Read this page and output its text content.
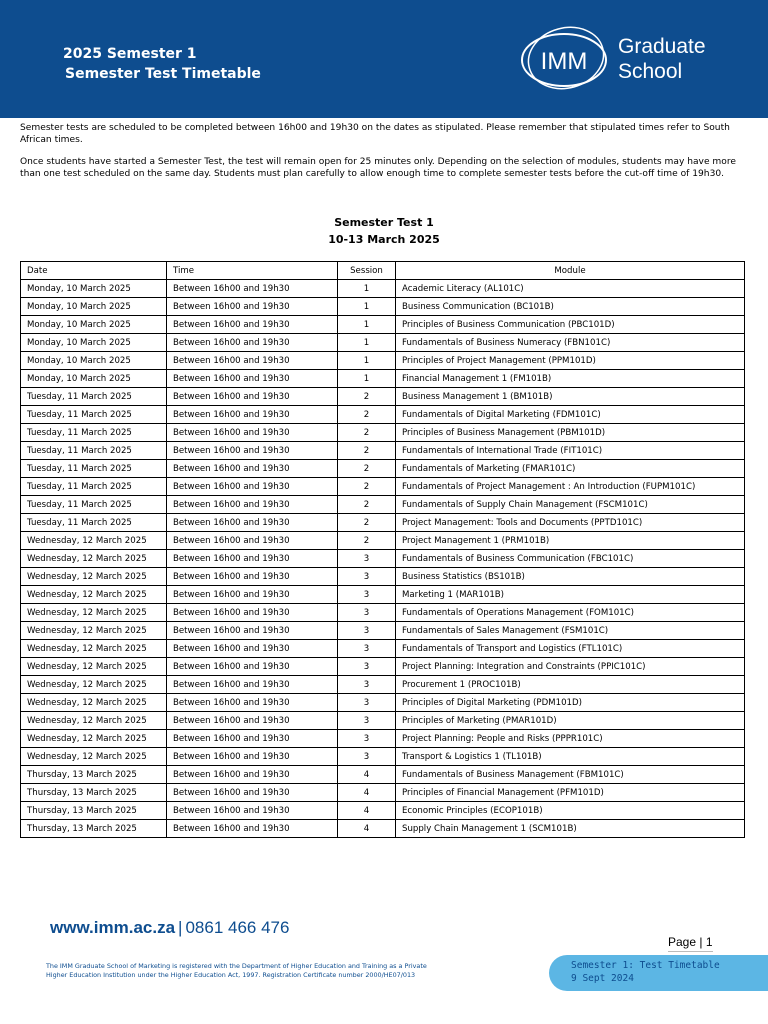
2025 Semester 1
Semester Test Timetable	IMM
Graduate
School

Semester tests are scheduled to be completed between 16h00 and 19h30 on the dates as stipulated. Please remember that stipulated times refer to South African times.

Once students have started a Semester Test, the test will remain open for 25 minutes only. Depending on the selection of modules, students may have more than one test scheduled on the same day. Students must plan carefully to allow enough time to complete semester tests before the cut-off time of 19h30.

Semester Test 1
10-13 March 2025
Date	Time	Session	Module
Monday, 10 March 2025	Between 16h00 and 19h30	1	Academic Literacy (AL101C)
Monday, 10 March 2025	Between 16h00 and 19h30	1	Business Communication (BC101B)
Monday, 10 March 2025	Between 16h00 and 19h30	1	Principles of Business Communication (PBC101D)
Monday, 10 March 2025	Between 16h00 and 19h30	1	Fundamentals of Business Numeracy (FBN101C)
Monday, 10 March 2025	Between 16h00 and 19h30	1	Principles of Project Management (PPM101D)
Monday, 10 March 2025	Between 16h00 and 19h30	1	Financial Management 1 (FM101B)
Tuesday, 11 March 2025	Between 16h00 and 19h30	2	Business Management 1 (BM101B)
Tuesday, 11 March 2025	Between 16h00 and 19h30	2	Fundamentals of Digital Marketing (FDM101C)
Tuesday, 11 March 2025	Between 16h00 and 19h30	2	Principles of Business Management (PBM101D)
Tuesday, 11 March 2025	Between 16h00 and 19h30	2	Fundamentals of International Trade (FIT101C)
Tuesday, 11 March 2025	Between 16h00 and 19h30	2	Fundamentals of Marketing (FMAR101C)
Tuesday, 11 March 2025	Between 16h00 and 19h30	2	Fundamentals of Project Management : An Introduction (FUPM101C)
Tuesday, 11 March 2025	Between 16h00 and 19h30	2	Fundamentals of Supply Chain Management (FSCM101C)
Tuesday, 11 March 2025	Between 16h00 and 19h30	2	Project Management: Tools and Documents (PPTD101C)
Wednesday, 12 March 2025	Between 16h00 and 19h30	2	Project Management 1 (PRM101B)
Wednesday, 12 March 2025	Between 16h00 and 19h30	3	Fundamentals of Business Communication (FBC101C)
Wednesday, 12 March 2025	Between 16h00 and 19h30	3	Business Statistics (BS101B)
Wednesday, 12 March 2025	Between 16h00 and 19h30	3	Marketing 1 (MAR101B)
Wednesday, 12 March 2025	Between 16h00 and 19h30	3	Fundamentals of Operations Management (FOM101C)
Wednesday, 12 March 2025	Between 16h00 and 19h30	3	Fundamentals of Sales Management (FSM101C)
Wednesday, 12 March 2025	Between 16h00 and 19h30	3	Fundamentals of Transport and Logistics (FTL101C)
Wednesday, 12 March 2025	Between 16h00 and 19h30	3	Project Planning: Integration and Constraints (PPIC101C)
Wednesday, 12 March 2025	Between 16h00 and 19h30	3	Procurement 1 (PROC101B)
Wednesday, 12 March 2025	Between 16h00 and 19h30	3	Principles of Digital Marketing (PDM101D)
Wednesday, 12 March 2025	Between 16h00 and 19h30	3	Principles of Marketing (PMAR101D)
Wednesday, 12 March 2025	Between 16h00 and 19h30	3	Project Planning: People and Risks (PPPR101C)
Wednesday, 12 March 2025	Between 16h00 and 19h30	3	Transport & Logistics 1 (TL101B)
Thursday, 13 March 2025	Between 16h00 and 19h30	4	Fundamentals of Business Management (FBM101C)
Thursday, 13 March 2025	Between 16h00 and 19h30	4	Principles of Financial Management (PFM101D)
Thursday, 13 March 2025	Between 16h00 and 19h30	4	Economic Principles (ECOP101B)
Thursday, 13 March 2025	Between 16h00 and 19h30	4	Supply Chain Management 1 (SCM101B)
www.imm.ac.za | 0861 466 476
Page | 1
The IMM Graduate School of Marketing is registered with the Department of Higher Education and Training as a Private
Higher Education Institution under the Higher Education Act, 1997. Registration Certificate number 2000/HE07/013
Semester 1: Test Timetable
9 Sept 2024
